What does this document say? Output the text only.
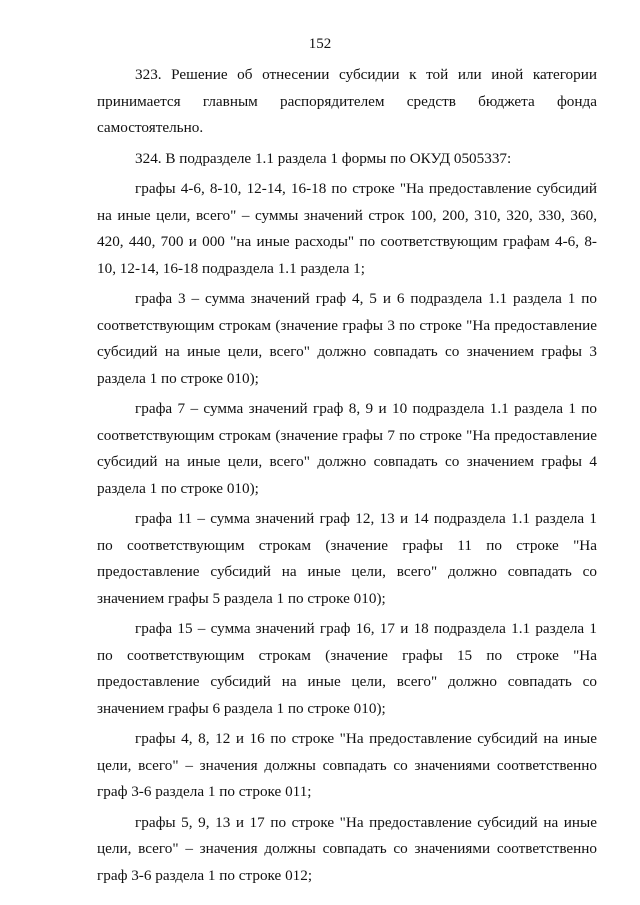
152

323. Решение об отнесении субсидии к той или иной категории принимается главным распорядителем средств бюджета фонда самостоятельно.

324. В подразделе 1.1 раздела 1 формы по ОКУД 0505337:

графы 4-6, 8-10, 12-14, 16-18 по строке "На предоставление субсидий на иные цели, всего" – суммы значений строк 100, 200, 310, 320, 330, 360, 420, 440, 700 и 000 "на иные расходы" по соответствующим графам 4-6, 8-10, 12-14, 16-18 подраздела 1.1 раздела 1;

графа 3 – сумма значений граф 4, 5 и 6 подраздела 1.1 раздела 1 по соответствующим строкам (значение графы 3 по строке "На предоставление субсидий на иные цели, всего" должно совпадать со значением графы 3 раздела 1 по строке 010);

графа 7 – сумма значений граф 8, 9 и 10 подраздела 1.1 раздела 1 по соответствующим строкам (значение графы 7 по строке "На предоставление субсидий на иные цели, всего" должно совпадать со значением графы 4 раздела 1 по строке 010);

графа 11 – сумма значений граф 12, 13 и 14 подраздела 1.1 раздела 1 по соответствующим строкам (значение графы 11 по строке "На предоставление субсидий на иные цели, всего" должно совпадать со значением графы 5 раздела 1 по строке 010);

графа 15 – сумма значений граф 16, 17 и 18 подраздела 1.1 раздела 1 по соответствующим строкам (значение графы 15 по строке "На предоставление субсидий на иные цели, всего" должно совпадать со значением графы 6 раздела 1 по строке 010);

графы 4, 8, 12 и 16 по строке "На предоставление субсидий на иные цели, всего" – значения должны совпадать со значениями соответственно граф 3-6 раздела 1 по строке 011;

графы 5, 9, 13 и 17 по строке "На предоставление субсидий на иные цели, всего" – значения должны совпадать со значениями соответственно граф 3-6 раздела 1 по строке 012;
